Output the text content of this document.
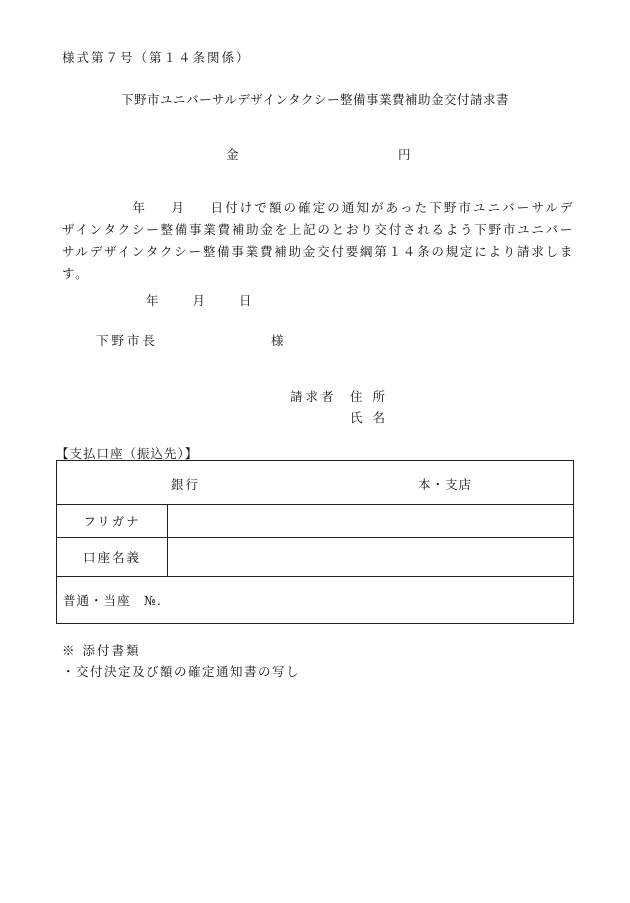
様式第７号（第１４条関係）
下野市ユニバーサルデザインタクシー整備事業費補助金交付請求書
金	円
年 月 日付けで額の確定の通知があった下野市ユニバーサルデザインタクシー整備事業費補助金を上記のとおり交付されるよう下野市ユニバーサルデザインタクシー整備事業費補助金交付要綱第１４条の規定により請求します。
年	月	日
下野市長	様
請求者 住所
氏名
【支払口座（振込先）】
銀行 本・支店	

フリガナ	
口座名義	
普通・当座　№.	
※ 添付書類
・交付決定及び額の確定通知書の写し
